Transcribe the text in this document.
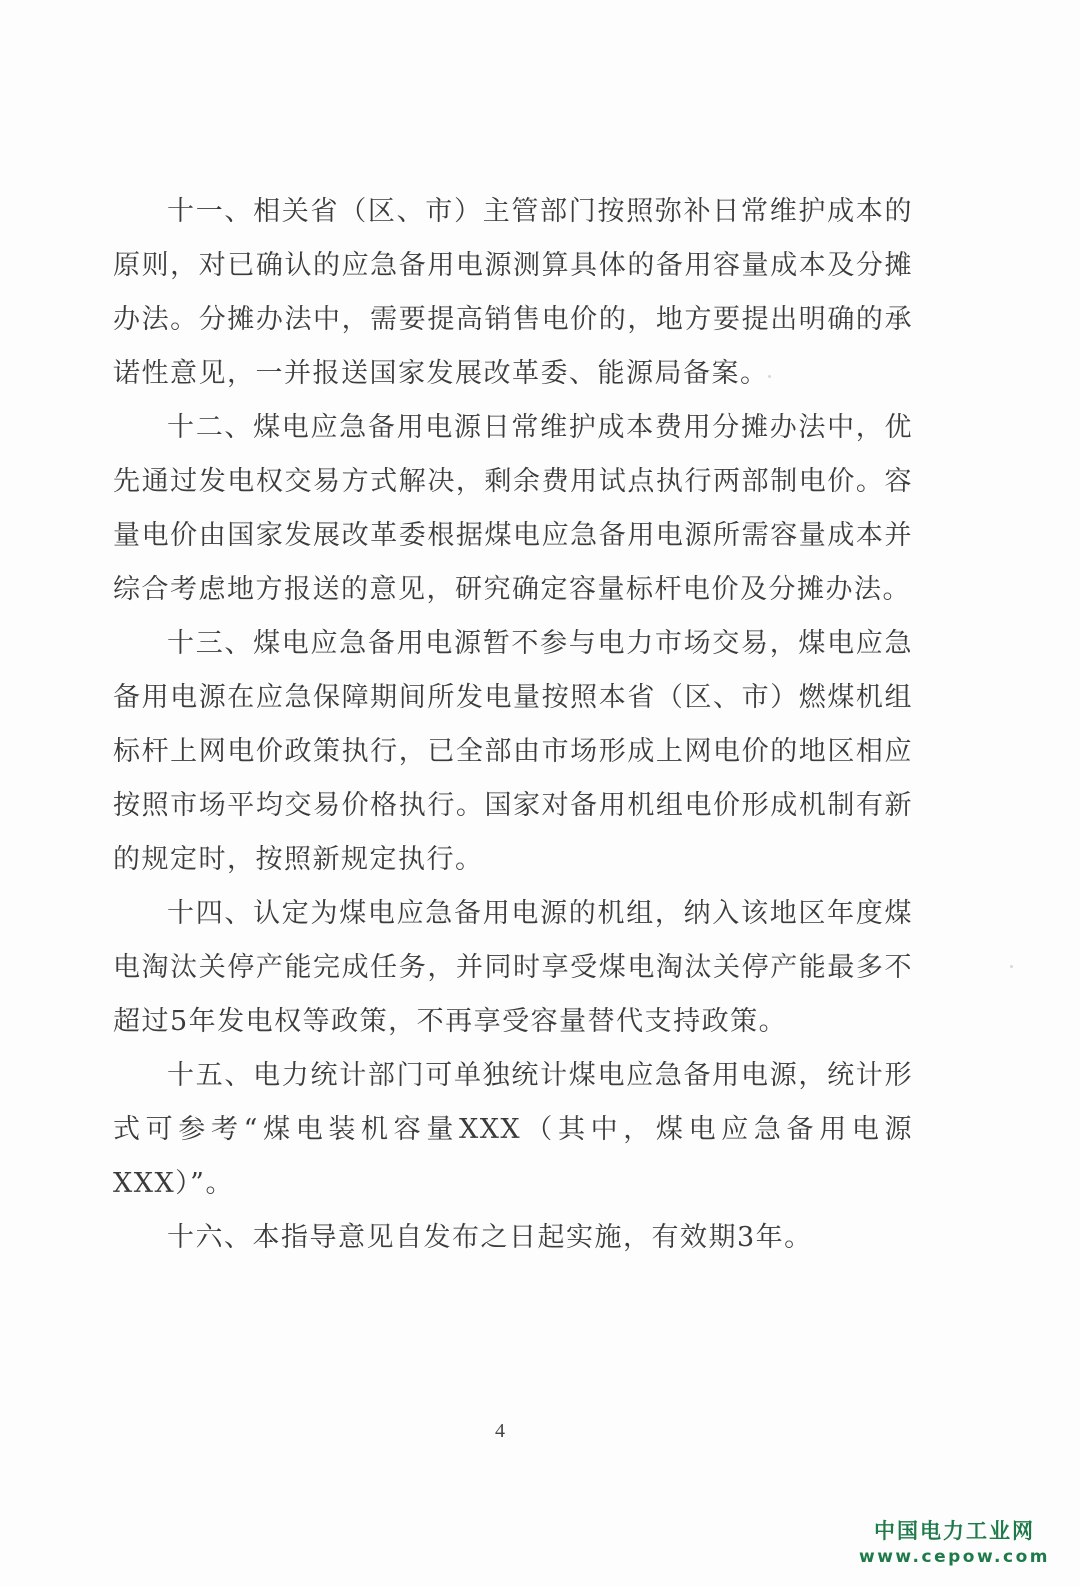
十一、相关省（区、市）主管部门按照弥补日常维护成本的原则，对已确认的应急备用电源测算具体的备用容量成本及分摊办法。分摊办法中，需要提高销售电价的，地方要提出明确的承诺性意见，一并报送国家发展改革委、能源局备案。

十二、煤电应急备用电源日常维护成本费用分摊办法中，优先通过发电权交易方式解决，剩余费用试点执行两部制电价。容量电价由国家发展改革委根据煤电应急备用电源所需容量成本并综合考虑地方报送的意见，研究确定容量标杆电价及分摊办法。

十三、煤电应急备用电源暂不参与电力市场交易，煤电应急备用电源在应急保障期间所发电量按照本省（区、市）燃煤机组标杆上网电价政策执行，已全部由市场形成上网电价的地区相应按照市场平均交易价格执行。国家对备用机组电价形成机制有新的规定时，按照新规定执行。

十四、认定为煤电应急备用电源的机组，纳入该地区年度煤电淘汰关停产能完成任务，并同时享受煤电淘汰关停产能最多不超过5年发电权等政策，不再享受容量替代支持政策。

十五、电力统计部门可单独统计煤电应急备用电源，统计形式可参考“煤电装机容量XXX（其中，煤电应急备用电源XXX）”。

十六、本指导意见自发布之日起实施，有效期3年。

4
中国电力工业网
www.cepow.com
